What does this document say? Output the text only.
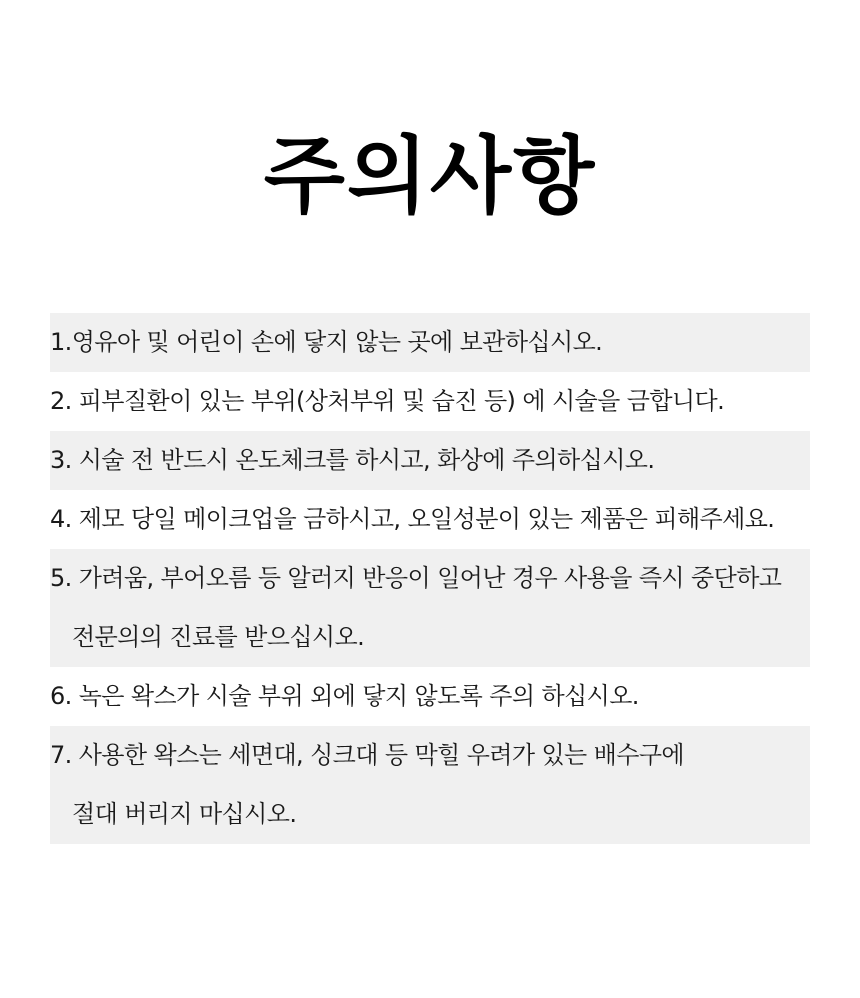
주의사항
1.영유아 및 어린이 손에 닿지 않는 곳에 보관하십시오.
2. 피부질환이 있는 부위(상처부위 및 습진 등) 에 시술을 금합니다.
3. 시술 전 반드시 온도체크를 하시고, 화상에 주의하십시오.
4. 제모 당일 메이크업을 금하시고, 오일성분이 있는 제품은 피해주세요.
5. 가려움, 부어오름 등 알러지 반응이 일어난 경우 사용을 즉시 중단하고
전문의의 진료를 받으십시오.
6. 녹은 왁스가 시술 부위 외에 닿지 않도록 주의 하십시오.
7. 사용한 왁스는 세면대, 싱크대 등 막힐 우려가 있는 배수구에
절대 버리지 마십시오.
